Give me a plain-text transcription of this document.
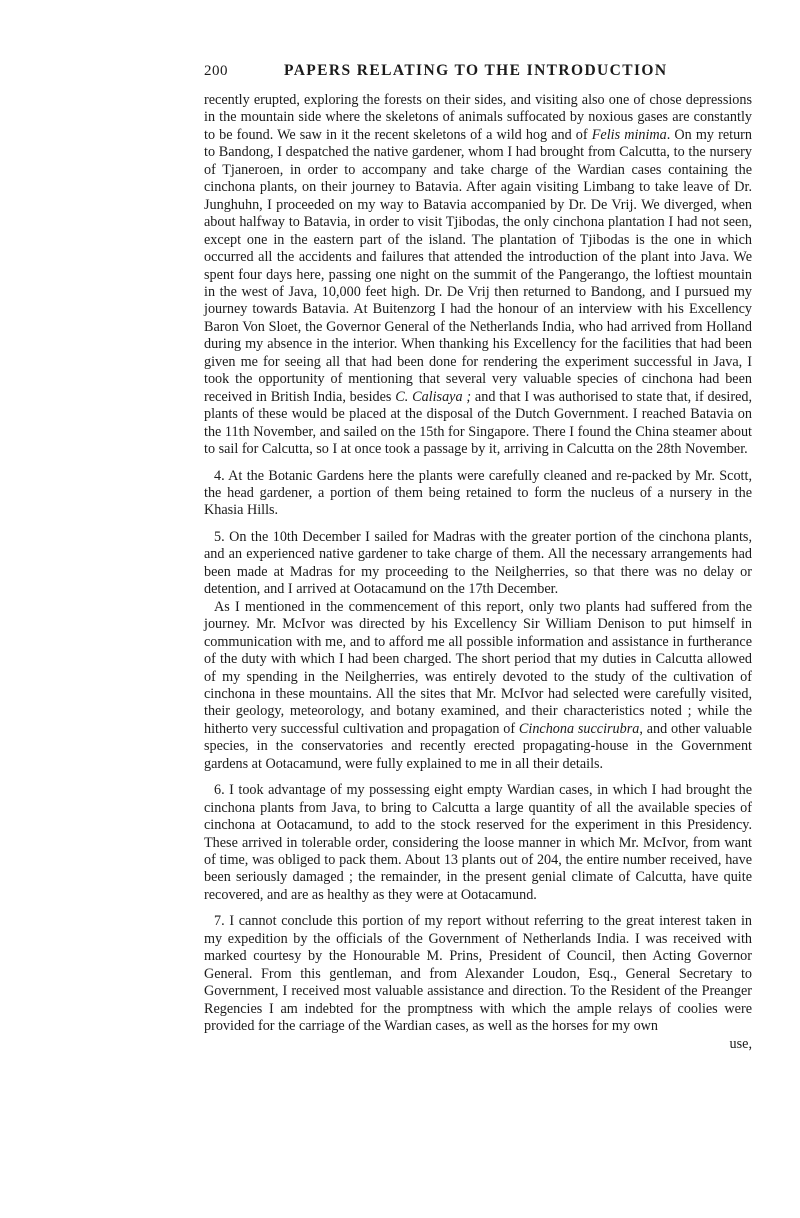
200	PAPERS RELATING TO THE INTRODUCTION

recently erupted, exploring the forests on their sides, and visiting also one of chose depressions in the mountain side where the skeletons of animals suffocated by noxious gases are constantly to be found. We saw in it the recent skeletons of a wild hog and of Felis minima. On my return to Bandong, I despatched the native gardener, whom I had brought from Calcutta, to the nursery of Tjaneroen, in order to accompany and take charge of the Wardian cases containing the cinchona plants, on their journey to Batavia. After again visiting Limbang to take leave of Dr. Junghuhn, I proceeded on my way to Batavia accompanied by Dr. De Vrij. We diverged, when about halfway to Batavia, in order to visit Tjibodas, the only cinchona plantation I had not seen, except one in the eastern part of the island. The plantation of Tjibodas is the one in which occurred all the accidents and failures that attended the introduction of the plant into Java. We spent four days here, passing one night on the summit of the Pangerango, the loftiest mountain in the west of Java, 10,000 feet high. Dr. De Vrij then returned to Bandong, and I pursued my journey towards Batavia. At Buitenzorg I had the honour of an interview with his Excellency Baron Von Sloet, the Governor General of the Netherlands India, who had arrived from Holland during my absence in the interior. When thanking his Excellency for the facilities that had been given me for seeing all that had been done for rendering the experiment successful in Java, I took the opportunity of mentioning that several very valuable species of cinchona had been received in British India, besides C. Calisaya ; and that I was authorised to state that, if desired, plants of these would be placed at the disposal of the Dutch Government. I reached Batavia on the 11th November, and sailed on the 15th for Singapore. There I found the China steamer about to sail for Calcutta, so I at once took a passage by it, arriving in Calcutta on the 28th November.

4. At the Botanic Gardens here the plants were carefully cleaned and re-packed by Mr. Scott, the head gardener, a portion of them being retained to form the nucleus of a nursery in the Khasia Hills.

5. On the 10th December I sailed for Madras with the greater portion of the cinchona plants, and an experienced native gardener to take charge of them. All the necessary arrangements had been made at Madras for my proceeding to the Neilgherries, so that there was no delay or detention, and I arrived at Ootacamund on the 17th December.

As I mentioned in the commencement of this report, only two plants had suffered from the journey. Mr. McIvor was directed by his Excellency Sir William Denison to put himself in communication with me, and to afford me all possible information and assistance in furtherance of the duty with which I had been charged. The short period that my duties in Calcutta allowed of my spending in the Neilgherries, was entirely devoted to the study of the cultivation of cinchona in these mountains. All the sites that Mr. McIvor had selected were carefully visited, their geology, meteorology, and botany examined, and their characteristics noted ; while the hitherto very successful cultivation and propagation of Cinchona succirubra, and other valuable species, in the conservatories and recently erected propagating-house in the Government gardens at Ootacamund, were fully explained to me in all their details.

6. I took advantage of my possessing eight empty Wardian cases, in which I had brought the cinchona plants from Java, to bring to Calcutta a large quantity of all the available species of cinchona at Ootacamund, to add to the stock reserved for the experiment in this Presidency. These arrived in tolerable order, considering the loose manner in which Mr. McIvor, from want of time, was obliged to pack them. About 13 plants out of 204, the entire number received, have been seriously damaged ; the remainder, in the present genial climate of Calcutta, have quite recovered, and are as healthy as they were at Ootacamund.

7. I cannot conclude this portion of my report without referring to the great interest taken in my expedition by the officials of the Government of Netherlands India. I was received with marked courtesy by the Honourable M. Prins, President of Council, then Acting Governor General. From this gentleman, and from Alexander Loudon, Esq., General Secretary to Government, I received most valuable assistance and direction. To the Resident of the Preanger Regencies I am indebted for the promptness with which the ample relays of coolies were provided for the carriage of the Wardian cases, as well as the horses for my own

use,
